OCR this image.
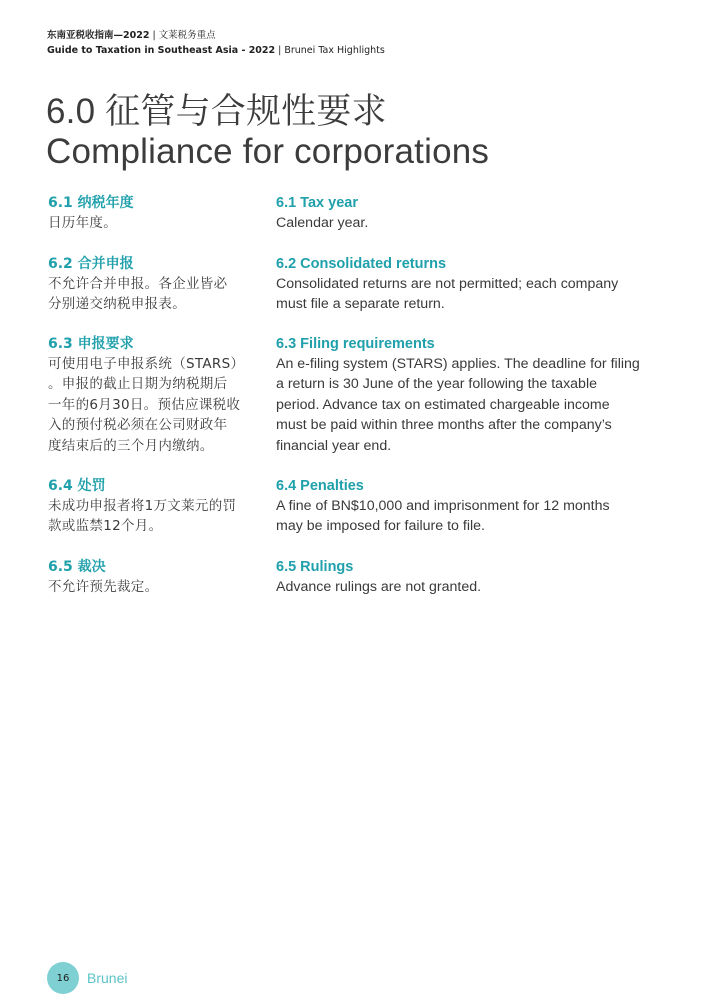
东南亚税收指南—2022 | 文莱税务重点
Guide to Taxation in Southeast Asia - 2022 | Brunei Tax Highlights
6.0 征管与合规性要求
Compliance for corporations
6.1 纳税年度
日历年度。
6.2 合并申报
不允许合并申报。各企业皆必
分别递交纳税申报表。
6.3 申报要求
可使用电子申报系统（STARS）
。申报的截止日期为纳税期后
一年的6月30日。预估应课税收
入的预付税必须在公司财政年
度结束后的三个月内缴纳。
6.4 处罚
未成功申报者将1万文莱元的罚
款或监禁12个月。
6.5 裁决
不允许预先裁定。
6.1 Tax year
Calendar year.
6.2 Consolidated returns
Consolidated returns are not permitted; each company
must file a separate return.
6.3 Filing requirements
An e-filing system (STARS) applies. The deadline for filing
a return is 30 June of the year following the taxable
period. Advance tax on estimated chargeable income
must be paid within three months after the company’s
financial year end.
6.4 Penalties
A fine of BN$10,000 and imprisonment for 12 months
may be imposed for failure to file.
6.5 Rulings
Advance rulings are not granted.
16	Brunei
